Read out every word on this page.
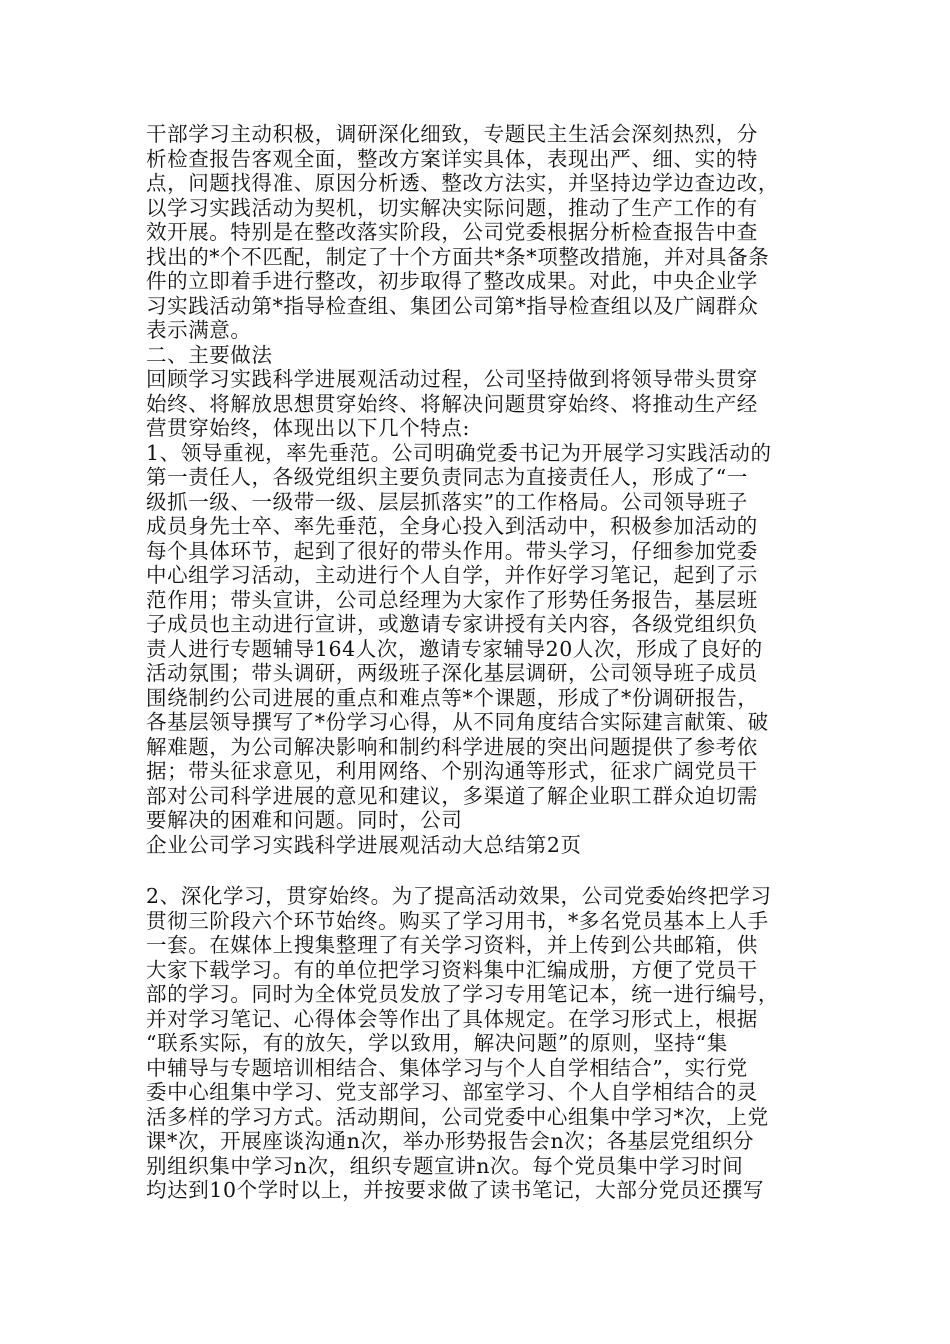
干部学习主动积极，调研深化细致，专题民主生活会深刻热烈，分
析检查报告客观全面，整改方案详实具体，表现出严、细、实的特
点，问题找得准、原因分析透、整改方法实，并坚持边学边查边改，
以学习实践活动为契机，切实解决实际问题，推动了生产工作的有
效开展。特别是在整改落实阶段，公司党委根据分析检查报告中查
找出的*个不匹配，制定了十个方面共*条*项整改措施，并对具备条
件的立即着手进行整改，初步取得了整改成果。对此，中央企业学
习实践活动第*指导检查组、集团公司第*指导检查组以及广阔群众
表示满意。
二、主要做法
回顾学习实践科学进展观活动过程，公司坚持做到将领导带头贯穿
始终、将解放思想贯穿始终、将解决问题贯穿始终、将推动生产经
营贯穿始终，体现出以下几个特点:
1、领导重视，率先垂范。公司明确党委书记为开展学习实践活动的
第一责任人，各级党组织主要负责同志为直接责任人，形成了“一
级抓一级、一级带一级、层层抓落实”的工作格局。公司领导班子
成员身先士卒、率先垂范，全身心投入到活动中，积极参加活动的
每个具体环节，起到了很好的带头作用。带头学习，仔细参加党委
中心组学习活动，主动进行个人自学，并作好学习笔记，起到了示
范作用；带头宣讲，公司总经理为大家作了形势任务报告，基层班
子成员也主动进行宣讲，或邀请专家讲授有关内容，各级党组织负
责人进行专题辅导164人次，邀请专家辅导20人次，形成了良好的
活动氛围；带头调研，两级班子深化基层调研，公司领导班子成员
围绕制约公司进展的重点和难点等*个课题，形成了*份调研报告，
各基层领导撰写了*份学习心得，从不同角度结合实际建言献策、破
解难题，为公司解决影响和制约科学进展的突出问题提供了参考依
据；带头征求意见，利用网络、个别沟通等形式，征求广阔党员干
部对公司科学进展的意见和建议，多渠道了解企业职工群众迫切需
要解决的困难和问题。同时，公司
企业公司学习实践科学进展观活动大总结第2页
2、深化学习，贯穿始终。为了提高活动效果，公司党委始终把学习
贯彻三阶段六个环节始终。购买了学习用书，*多名党员基本上人手
一套。在媒体上搜集整理了有关学习资料，并上传到公共邮箱，供
大家下载学习。有的单位把学习资料集中汇编成册，方便了党员干
部的学习。同时为全体党员发放了学习专用笔记本，统一进行编号，
并对学习笔记、心得体会等作出了具体规定。在学习形式上，根据
“联系实际，有的放矢，学以致用，解决问题”的原则，坚持“集
中辅导与专题培训相结合、集体学习与个人自学相结合”，实行党
委中心组集中学习、党支部学习、部室学习、个人自学相结合的灵
活多样的学习方式。活动期间，公司党委中心组集中学习*次，上党
课*次，开展座谈沟通n次，举办形势报告会n次；各基层党组织分
别组织集中学习n次，组织专题宣讲n次。每个党员集中学习时间
均达到10个学时以上，并按要求做了读书笔记，大部分党员还撰写
